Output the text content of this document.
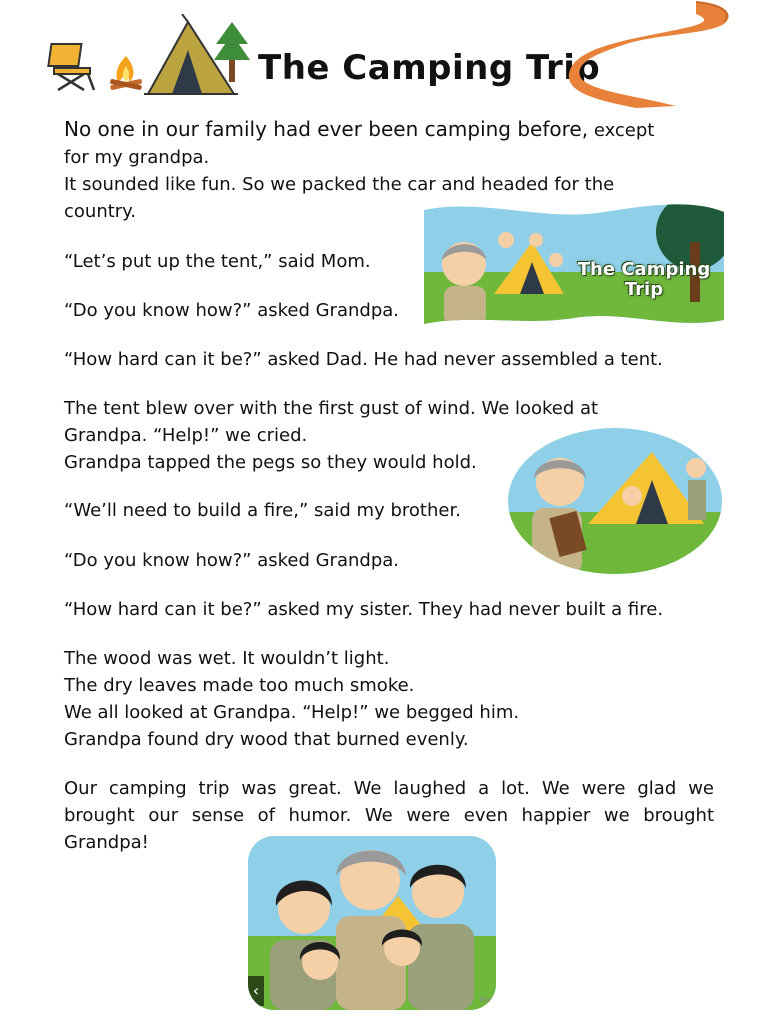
The Camping Trip

No one in our family had ever been camping before, except
for my grandpa.
It sounded like fun. So we packed the car and headed for the
country.

“Let’s put up the tent,” said Mom.
“Do you know how?” asked Grandpa.
“How hard can it be?” asked Dad. He had never assembled a tent.
The tent blew over with the first gust of wind. We looked at
Grandpa. “Help!” we cried.
Grandpa tapped the pegs so they would hold.
“We’ll need to build a fire,” said my brother.
“Do you know how?” asked Grandpa.
“How hard can it be?” asked my sister. They had never built a fire.
The wood was wet. It wouldn’t light.
The dry leaves made too much smoke.
We all looked at Grandpa. “Help!” we begged him.
Grandpa found dry wood that burned evenly.
Our camping trip was great. We laughed a lot. We were glad we brought our sense of humor. We were even happier we brought Grandpa!
The Camping
Trip
‹	Pag
